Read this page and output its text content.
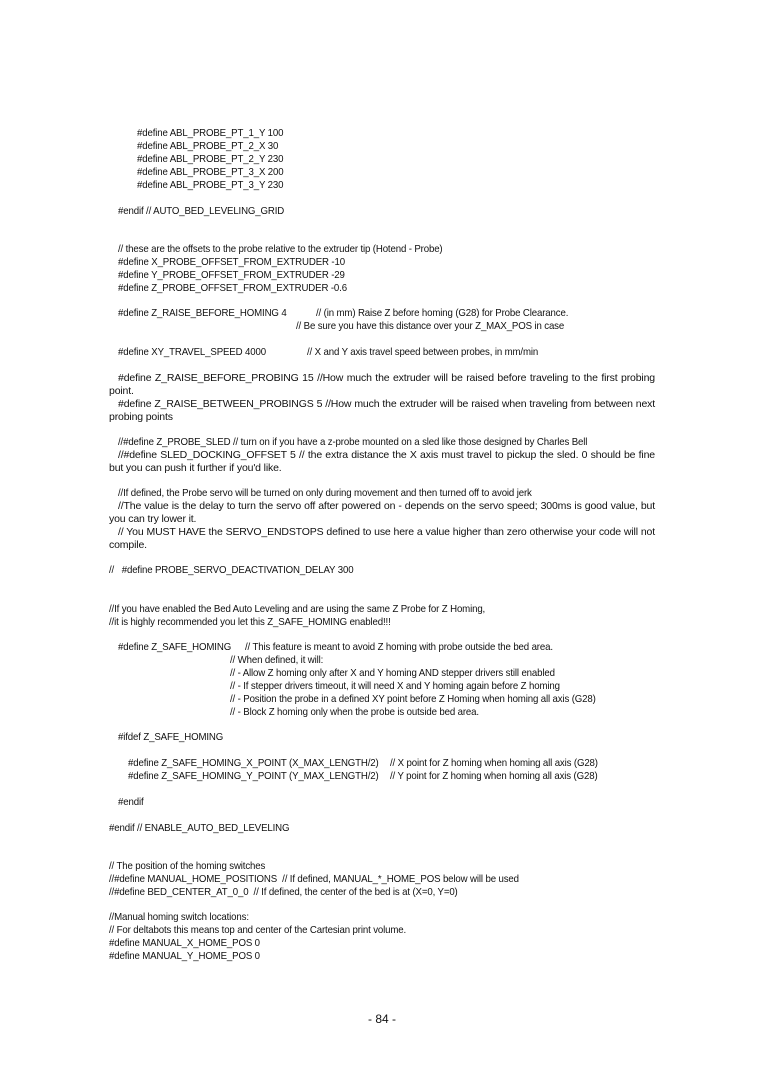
#define ABL_PROBE_PT_1_Y 100
#define ABL_PROBE_PT_2_X 30
#define ABL_PROBE_PT_2_Y 230
#define ABL_PROBE_PT_3_X 200
#define ABL_PROBE_PT_3_Y 230
#endif // AUTO_BED_LEVELING_GRID
// these are the offsets to the probe relative to the extruder tip (Hotend - Probe)
#define X_PROBE_OFFSET_FROM_EXTRUDER -10
#define Y_PROBE_OFFSET_FROM_EXTRUDER -29
#define Z_PROBE_OFFSET_FROM_EXTRUDER -0.6
#define Z_RAISE_BEFORE_HOMING 4	// (in mm) Raise Z before homing (G28) for Probe Clearance.
// Be sure you have this distance over your Z_MAX_POS in case
#define XY_TRAVEL_SPEED 4000	// X and Y axis travel speed between probes, in mm/min
#define Z_RAISE_BEFORE_PROBING 15 //How much the extruder will be raised before traveling to the first probing point.
#define Z_RAISE_BETWEEN_PROBINGS 5 //How much the extruder will be raised when traveling from between next probing points
//#define Z_PROBE_SLED // turn on if you have a z-probe mounted on a sled like those designed by Charles Bell
//#define SLED_DOCKING_OFFSET 5 // the extra distance the X axis must travel to pickup the sled. 0 should be fine but you can push it further if you'd like.
//If defined, the Probe servo will be turned on only during movement and then turned off to avoid jerk
//The value is the delay to turn the servo off after powered on - depends on the servo speed; 300ms is good value, but you can try lower it.
// You MUST HAVE the SERVO_ENDSTOPS defined to use here a value higher than zero otherwise your code will not compile.
//   #define PROBE_SERVO_DEACTIVATION_DELAY 300
//If you have enabled the Bed Auto Leveling and are using the same Z Probe for Z Homing,
//it is highly recommended you let this Z_SAFE_HOMING enabled!!!
#define Z_SAFE_HOMING // This feature is meant to avoid Z homing with probe outside the bed area.
// When defined, it will:
// - Allow Z homing only after X and Y homing AND stepper drivers still enabled
// - If stepper drivers timeout, it will need X and Y homing again before Z homing
// - Position the probe in a defined XY point before Z Homing when homing all axis (G28)
// - Block Z homing only when the probe is outside bed area.
#ifdef Z_SAFE_HOMING
#define Z_SAFE_HOMING_X_POINT (X_MAX_LENGTH/2) // X point for Z homing when homing all axis (G28)
#define Z_SAFE_HOMING_Y_POINT (Y_MAX_LENGTH/2) // Y point for Z homing when homing all axis (G28)
#endif
#endif // ENABLE_AUTO_BED_LEVELING
// The position of the homing switches
//#define MANUAL_HOME_POSITIONS  // If defined, MANUAL_*_HOME_POS below will be used
//#define BED_CENTER_AT_0_0  // If defined, the center of the bed is at (X=0, Y=0)
//Manual homing switch locations:
// For deltabots this means top and center of the Cartesian print volume.
#define MANUAL_X_HOME_POS 0
#define MANUAL_Y_HOME_POS 0
- 84 -
